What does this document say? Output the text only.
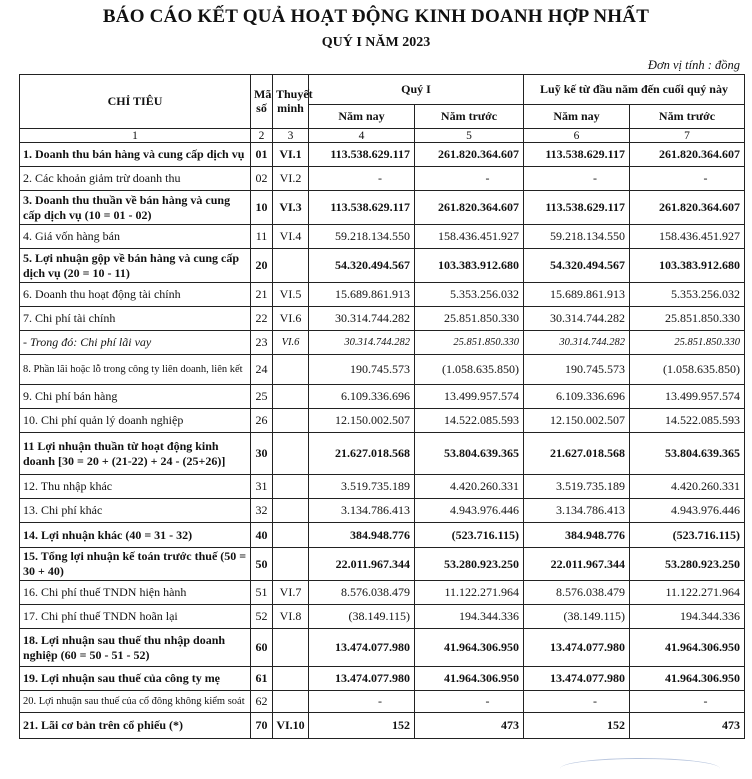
BÁO CÁO KẾT QUẢ HOẠT ĐỘNG KINH DOANH HỢP NHẤT
QUÝ I NĂM 2023
Đơn vị tính : đồng
CHỈ TIÊU	Mã số	Thuyết minh	Quý I		Luỹ kế từ đầu năm đến cuối quý này	
			Năm nay	Năm trước	Năm nay	Năm trước
1	2	3	4	5	6	7
1. Doanh thu bán hàng và cung cấp dịch vụ	01	VI.1	113.538.629.117	261.820.364.607	113.538.629.117	261.820.364.607
2. Các khoản giảm trừ doanh thu	02	VI.2	-	-	-	-
3. Doanh thu thuần về bán hàng và cung cấp dịch vụ (10 = 01 - 02)	10	VI.3	113.538.629.117	261.820.364.607	113.538.629.117	261.820.364.607
4. Giá vốn hàng bán	11	VI.4	59.218.134.550	158.436.451.927	59.218.134.550	158.436.451.927
5. Lợi nhuận gộp về bán hàng và cung cấp dịch vụ (20 = 10 - 11)	20		54.320.494.567	103.383.912.680	54.320.494.567	103.383.912.680
6. Doanh thu hoạt động tài chính	21	VI.5	15.689.861.913	5.353.256.032	15.689.861.913	5.353.256.032
7. Chi phí tài chính	22	VI.6	30.314.744.282	25.851.850.330	30.314.744.282	25.851.850.330
- Trong đó: Chi phí lãi vay	23	VI.6	30.314.744.282	25.851.850.330	30.314.744.282	25.851.850.330
8. Phần lãi hoặc lỗ trong công ty liên doanh, liên kết	24		190.745.573	(1.058.635.850)	190.745.573	(1.058.635.850)
9. Chi phí bán hàng	25		6.109.336.696	13.499.957.574	6.109.336.696	13.499.957.574
10. Chi phí quản lý doanh nghiệp	26		12.150.002.507	14.522.085.593	12.150.002.507	14.522.085.593
11 Lợi nhuận thuần từ hoạt động kinh doanh [30 = 20 + (21-22) + 24 - (25+26)]	30		21.627.018.568	53.804.639.365	21.627.018.568	53.804.639.365
12. Thu nhập khác	31		3.519.735.189	4.420.260.331	3.519.735.189	4.420.260.331
13. Chi phí khác	32		3.134.786.413	4.943.976.446	3.134.786.413	4.943.976.446
14. Lợi nhuận khác (40 = 31 - 32)	40		384.948.776	(523.716.115)	384.948.776	(523.716.115)
15. Tổng lợi nhuận kế toán trước thuế (50 = 30 + 40)	50		22.011.967.344	53.280.923.250	22.011.967.344	53.280.923.250
16. Chi phí thuế TNDN hiện hành	51	VI.7	8.576.038.479	11.122.271.964	8.576.038.479	11.122.271.964
17. Chi phí thuế TNDN hoãn lại	52	VI.8	(38.149.115)	194.344.336	(38.149.115)	194.344.336
18. Lợi nhuận sau thuế thu nhập doanh nghiệp (60 = 50 - 51 - 52)	60		13.474.077.980	41.964.306.950	13.474.077.980	41.964.306.950
19. Lợi nhuận sau thuế của công ty mẹ	61		13.474.077.980	41.964.306.950	13.474.077.980	41.964.306.950
20. Lợi nhuận sau thuế của cổ đông không kiểm soát	62		-	-	-	-
21. Lãi cơ bản trên cổ phiếu (*)	70	VI.10	152	473	152	473
